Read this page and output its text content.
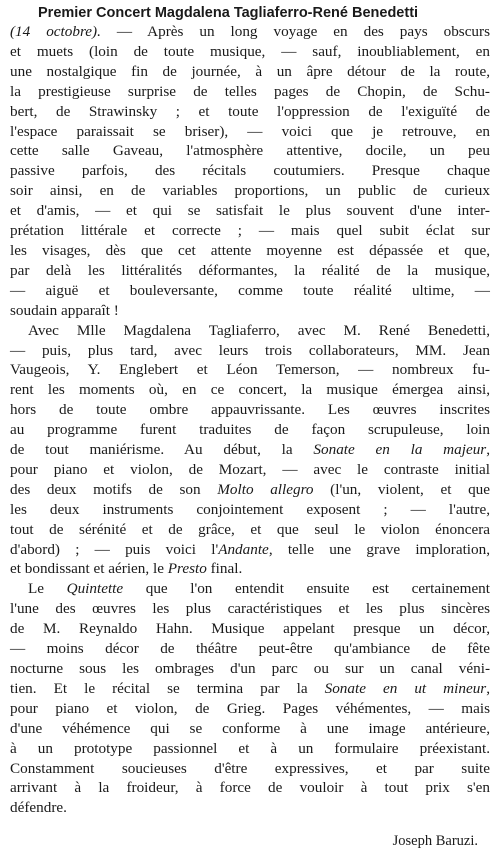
Premier Concert Magdalena Tagliaferro-René Benedetti

(14 octobre). — Après un long voyage en des pays obscurs
et muets (loin de toute musique, — sauf, inoubliablement, en
une nostalgique fin de journée, à un âpre détour de la route,
la prestigieuse surprise de telles pages de Chopin, de Schu-
bert, de Strawinsky ; et toute l'oppression de l'exiguïté de
l'espace paraissait se briser), — voici que je retrouve, en
cette salle Gaveau, l'atmosphère attentive, docile, un peu
passive parfois, des récitals coutumiers. Presque chaque
soir ainsi, en de variables proportions, un public de curieux
et d'amis, — et qui se satisfait le plus souvent d'une inter-
prétation littérale et correcte ; — mais quel subit éclat sur
les visages, dès que cet attente moyenne est dépassée et que,
par delà les littéralités déformantes, la réalité de la musique,
— aiguë et bouleversante, comme toute réalité ultime, —
soudain apparaît !

Avec Mlle Magdalena Tagliaferro, avec M. René Benedetti,
— puis, plus tard, avec leurs trois collaborateurs, MM. Jean
Vaugeois, Y. Englebert et Léon Temerson, — nombreux fu-
rent les moments où, en ce concert, la musique émergea ainsi,
hors de toute ombre appauvrissante. Les œuvres inscrites
au programme furent traduites de façon scrupuleuse, loin
de tout maniérisme. Au début, la Sonate en la majeur,
pour piano et violon, de Mozart, — avec le contraste initial
des deux motifs de son Molto allegro (l'un, violent, et que
les deux instruments conjointement exposent ; — l'autre,
tout de sérénité et de grâce, et que seul le violon énoncera
d'abord) ; — puis voici l'Andante, telle une grave imploration,
et bondissant et aérien, le Presto final.

Le Quintette que l'on entendit ensuite est certainement
l'une des œuvres les plus caractéristiques et les plus sincères
de M. Reynaldo Hahn. Musique appelant presque un décor,
— moins décor de théâtre peut-être qu'ambiance de fête
nocturne sous les ombrages d'un parc ou sur un canal véni-
tien. Et le récital se termina par la Sonate en ut mineur,
pour piano et violon, de Grieg. Pages véhémentes, — mais
d'une véhémence qui se conforme à une image antérieure,
à un prototype passionnel et à un formulaire préexistant.
Constamment soucieuses d'être expressives, et par suite
arrivant à la froideur, à force de vouloir à tout prix s'en
défendre.

Joseph Baruzi.
